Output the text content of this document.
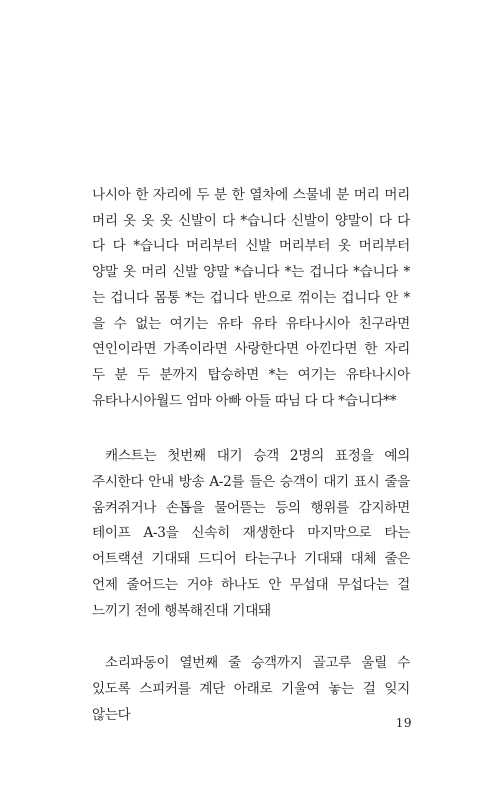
나시아 한 자리에 두 분 한 열차에 스물네 분 머리 머리 머리 옷 옷 옷 신발이 다 *습니다 신발이 양말이 다 다 다 다 *습니다 머리부터 신발 머리부터 옷 머리부터 양말 옷 머리 신발 양말 *습니다 *는 겁니다 *습니다 *는 겁니다 몸통 *는 겁니다 반으로 꺾이는 겁니다 안 *을 수 없는 여기는 유타 유타 유타나시아 친구라면 연인이라면 가족이라면 사랑한다면 아낀다면 한 자리 두 분 두 분까지 탑승하면 *는 여기는 유타나시아 유타나시아월드 엄마 아빠 아들 따님 다 다 *습니다**

캐스트는 첫번째 대기 승객 2명의 표정을 예의 주시한다 안내 방송 A-2를 들은 승객이 대기 표시 줄을 움켜쥐거나 손톱을 물어뜯는 등의 행위를 감지하면 테이프 A-3을 신속히 재생한다 마지막으로 타는 어트랙션 기대돼 드디어 타는구나 기대돼 대체 줄은 언제 줄어드는 거야 하나도 안 무섭대 무섭다는 걸 느끼기 전에 행복해진대 기대돼

소리파동이 열번째 줄 승객까지 골고루 울릴 수 있도록 스피커를 계단 아래로 기울여 놓는 걸 잊지 않는다

19
